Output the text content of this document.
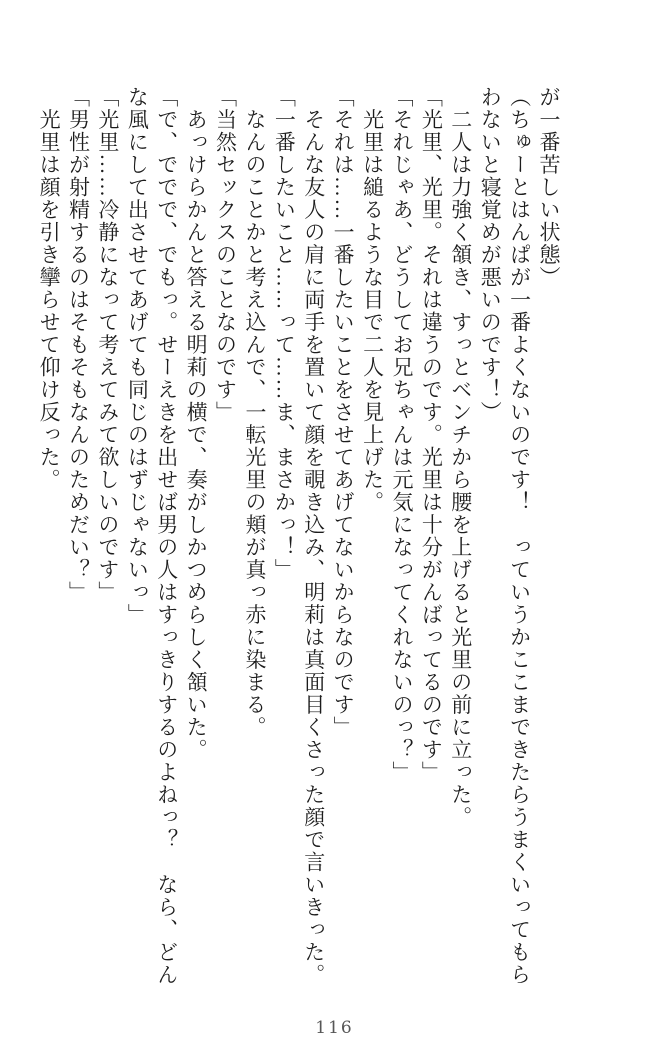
が一番苦しい状態）
（ちゅーとはんぱが一番よくないのです！　っていうかここまできたらうまくいってもら
わないと寝覚めが悪いのです！）
　二人は力強く頷き、すっとベンチから腰を上げると光里の前に立った。
「光里、光里。それは違うのです。光里は十分がんばってるのです」
「それじゃあ、どうしてお兄ちゃんは元気になってくれないのっ？」
　光里は縋るような目で二人を見上げた。
「それは……一番したいことをさせてあげてないからなのです」
　そんな友人の肩に両手を置いて顔を覗き込み、明莉は真面目くさった顔で言いきった。
「一番したいこと……って……ま、まさかっ！」
　なんのことかと考え込んで、一転光里の頬が真っ赤に染まる。
「当然セックスのことなのです」
　あっけらかんと答える明莉の横で、奏がしかつめらしく頷いた。
「で、ででで、でもっ。せーえきを出せば男の人はすっきりするのよねっ？　なら、どん
な風にして出させてあげても同じのはずじゃないっ」
「光里……冷静になって考えてみて欲しいのです」
「男性が射精するのはそもそもなんのためだい？」
　光里は顔を引き攣らせて仰け反った。
116
